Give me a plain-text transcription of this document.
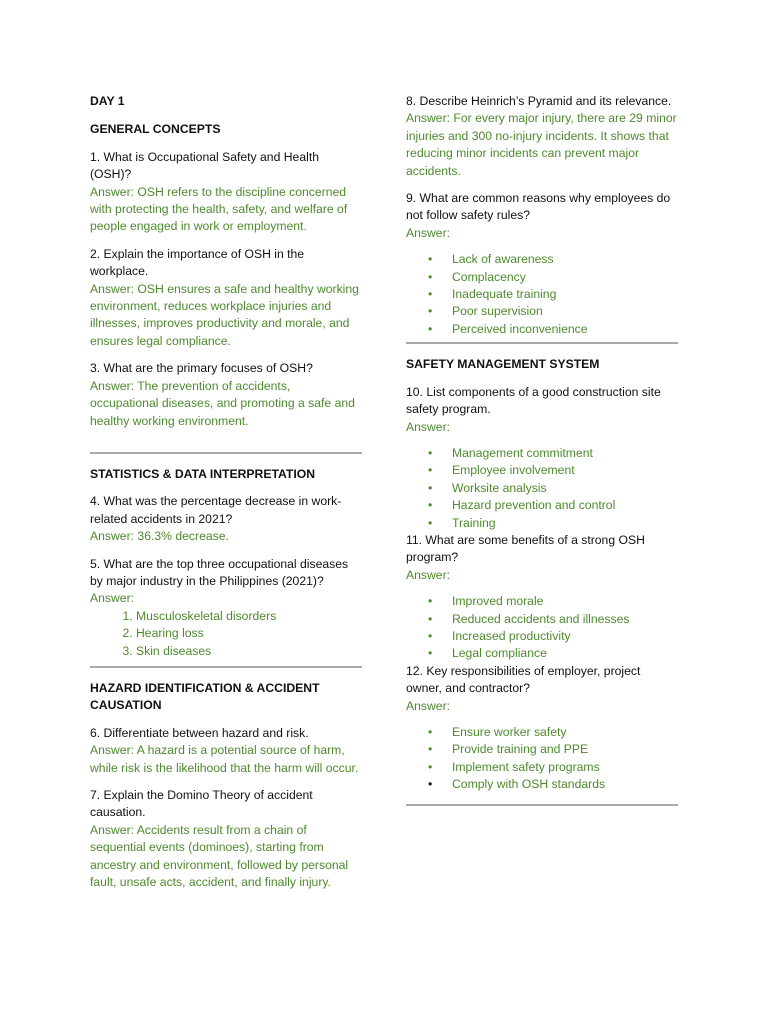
DAY 1
GENERAL CONCEPTS
1. What is Occupational Safety and Health (OSH)?
Answer: OSH refers to the discipline concerned with protecting the health, safety, and welfare of people engaged in work or employment.
2. Explain the importance of OSH in the workplace.
Answer: OSH ensures a safe and healthy working environment, reduces workplace injuries and illnesses, improves productivity and morale, and ensures legal compliance.
3. What are the primary focuses of OSH?
Answer: The prevention of accidents, occupational diseases, and promoting a safe and healthy working environment.
STATISTICS & DATA INTERPRETATION
4. What was the percentage decrease in work-related accidents in 2021?
Answer: 36.3% decrease.
5. What are the top three occupational diseases by major industry in the Philippines (2021)?
Answer:
1. Musculoskeletal disorders
2. Hearing loss
3. Skin diseases
HAZARD IDENTIFICATION & ACCIDENT CAUSATION
6. Differentiate between hazard and risk.
Answer: A hazard is a potential source of harm, while risk is the likelihood that the harm will occur.
7. Explain the Domino Theory of accident causation.
Answer: Accidents result from a chain of sequential events (dominoes), starting from ancestry and environment, followed by personal fault, unsafe acts, accident, and finally injury.
8. Describe Heinrich’s Pyramid and its relevance.
Answer: For every major injury, there are 29 minor injuries and 300 no-injury incidents. It shows that reducing minor incidents can prevent major accidents.
9. What are common reasons why employees do not follow safety rules?
Answer:
• Lack of awareness
• Complacency
• Inadequate training
• Poor supervision
• Perceived inconvenience
SAFETY MANAGEMENT SYSTEM
10. List components of a good construction site safety program.
Answer:
• Management commitment
• Employee involvement
• Worksite analysis
• Hazard prevention and control
• Training
11. What are some benefits of a strong OSH program?
Answer:
• Improved morale
• Reduced accidents and illnesses
• Increased productivity
• Legal compliance
12. Key responsibilities of employer, project owner, and contractor?
Answer:
• Ensure worker safety
• Provide training and PPE
• Implement safety programs
• Comply with OSH standards
